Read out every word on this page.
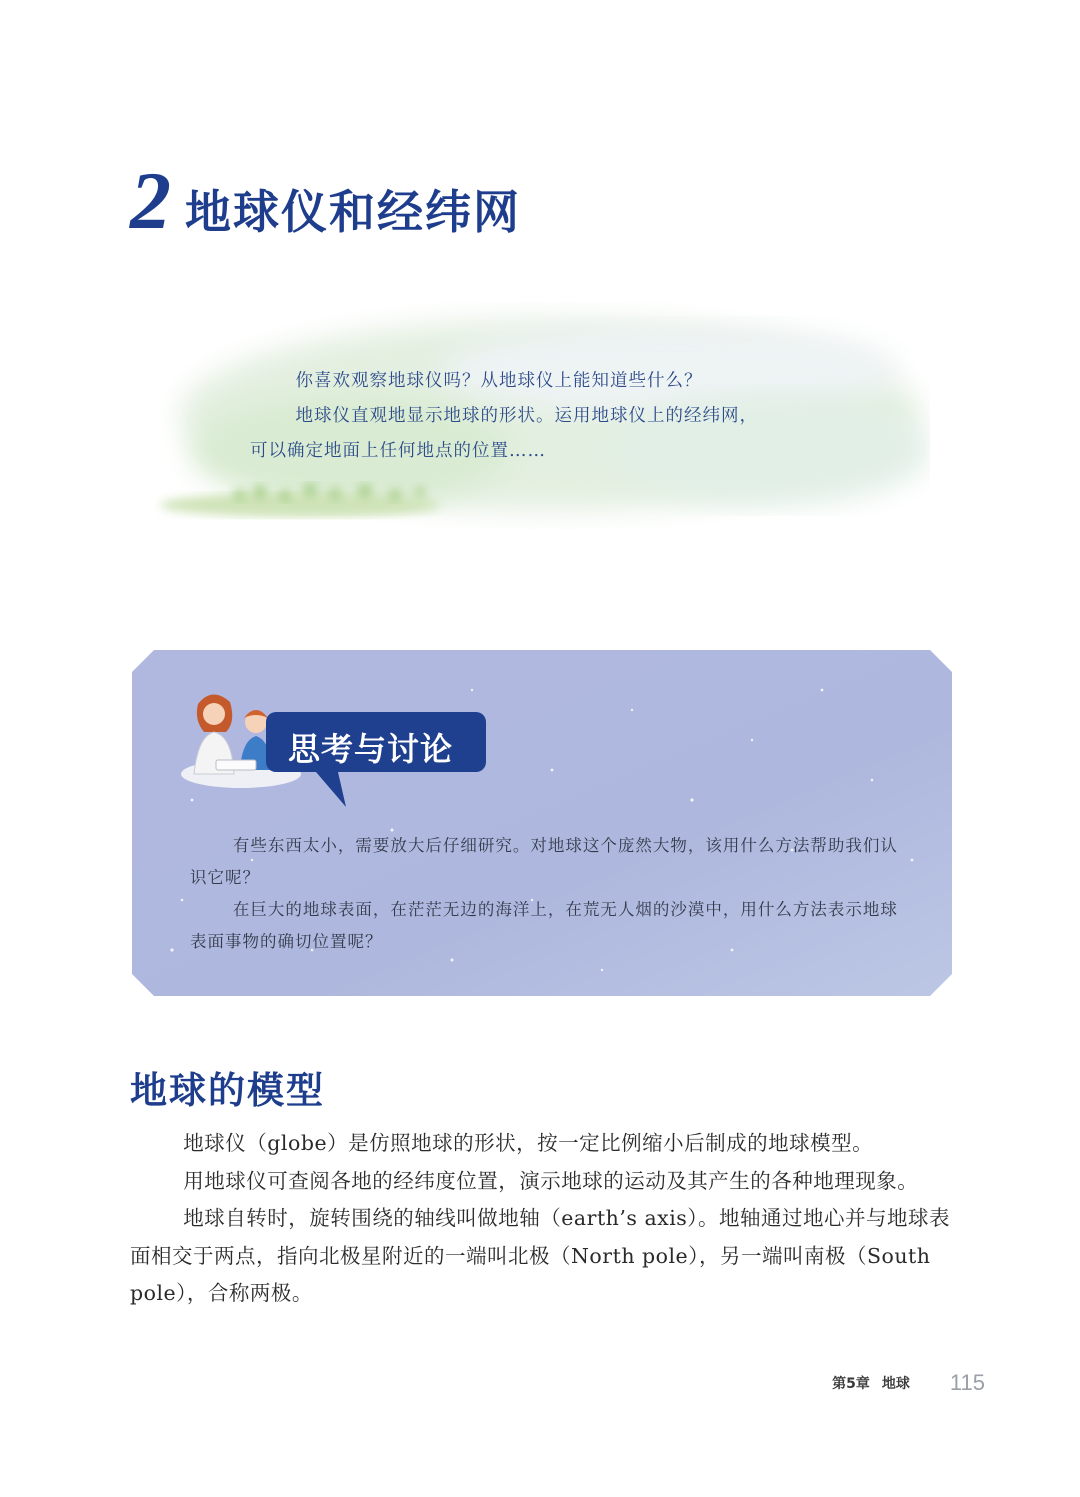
2 地球仪和经纬网

你喜欢观察地球仪吗？从地球仪上能知道些什么？

地球仪直观地显示地球的形状。运用地球仪上的经纬网，

可以确定地面上任何地点的位置……

思考与讨论

有些东西太小，需要放大后仔细研究。对地球这个庞然大物，该用什么方法帮助我们认识它呢？

在巨大的地球表面，在茫茫无边的海洋上，在荒无人烟的沙漠中，用什么方法表示地球表面事物的确切位置呢？

地球的模型

地球仪（globe）是仿照地球的形状，按一定比例缩小后制成的地球模型。

用地球仪可查阅各地的经纬度位置，演示地球的运动及其产生的各种地理现象。

地球自转时，旋转围绕的轴线叫做地轴（earth’s axis）。地轴通过地心并与地球表面相交于两点，指向北极星附近的一端叫北极（North pole），另一端叫南极（South pole），合称两极。

第5章 地球 115
